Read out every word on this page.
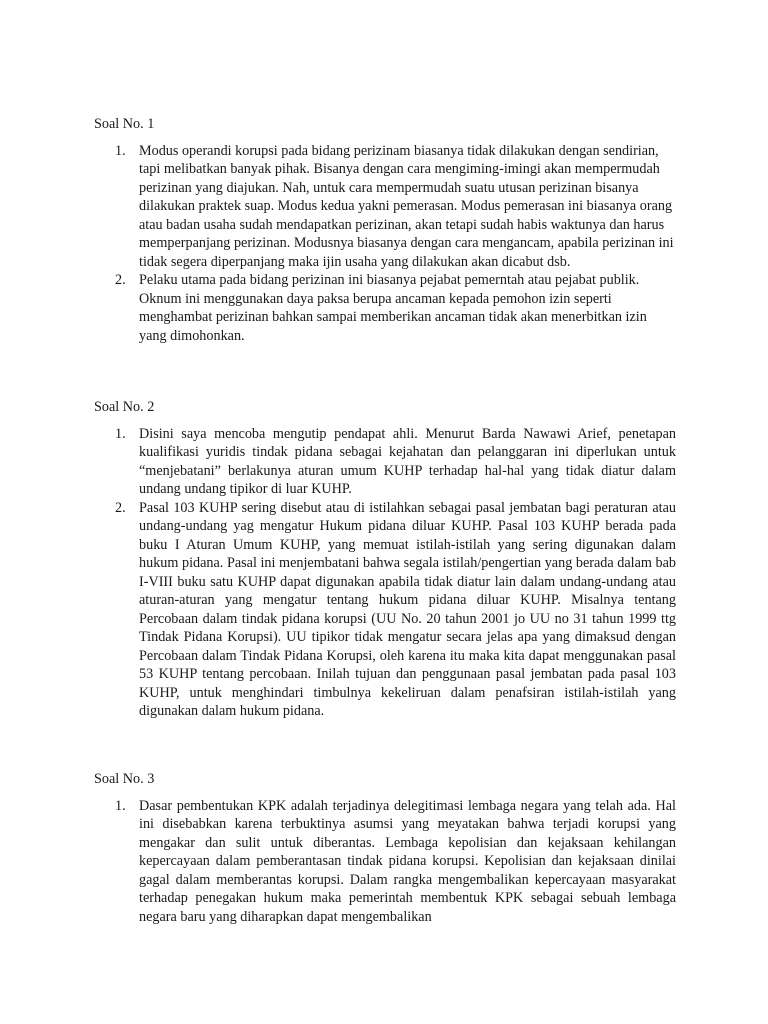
Soal No. 1

1. Modus operandi korupsi pada bidang perizinam biasanya tidak dilakukan dengan sendirian, tapi melibatkan banyak pihak. Bisanya dengan cara mengiming-imingi akan mempermudah perizinan yang diajukan. Nah, untuk cara mempermudah suatu utusan perizinan bisanya dilakukan praktek suap. Modus kedua yakni pemerasan. Modus pemerasan ini biasanya orang atau badan usaha sudah mendapatkan perizinan, akan tetapi sudah habis waktunya dan harus memperpanjang perizinan. Modusnya biasanya dengan cara mengancam, apabila perizinan ini tidak segera diperpanjang maka ijin usaha yang dilakukan akan dicabut dsb.
2. Pelaku utama pada bidang perizinan ini biasanya pejabat pemerntah atau pejabat publik. Oknum ini menggunakan daya paksa berupa ancaman kepada pemohon izin seperti menghambat perizinan bahkan sampai memberikan ancaman tidak akan menerbitkan izin yang dimohonkan.

Soal No. 2

1. Disini saya mencoba mengutip pendapat ahli. Menurut Barda Nawawi Arief, penetapan kualifikasi yuridis tindak pidana sebagai kejahatan dan pelanggaran ini diperlukan untuk “menjebatani” berlakunya aturan umum KUHP terhadap hal-hal yang tidak diatur dalam undang undang tipikor di luar KUHP.
2. Pasal 103 KUHP sering disebut atau di istilahkan sebagai pasal jembatan bagi peraturan atau undang-undang yag mengatur Hukum pidana diluar KUHP. Pasal 103 KUHP berada pada buku I Aturan Umum KUHP, yang memuat istilah-istilah yang sering digunakan dalam hukum pidana. Pasal ini menjembatani bahwa segala istilah/pengertian yang berada dalam bab I-VIII buku satu KUHP dapat digunakan apabila tidak diatur lain dalam undang-undang atau aturan-aturan yang mengatur tentang hukum pidana diluar KUHP. Misalnya tentang Percobaan dalam tindak pidana korupsi (UU No. 20 tahun 2001 jo UU no 31 tahun 1999 ttg Tindak Pidana Korupsi). UU tipikor tidak mengatur secara jelas apa yang dimaksud dengan Percobaan dalam Tindak Pidana Korupsi, oleh karena itu maka kita dapat menggunakan pasal 53 KUHP tentang percobaan. Inilah tujuan dan penggunaan pasal jembatan pada pasal 103 KUHP, untuk menghindari timbulnya kekeliruan dalam penafsiran istilah-istilah yang digunakan dalam hukum pidana.

Soal No. 3

1. Dasar pembentukan KPK adalah terjadinya delegitimasi lembaga negara yang telah ada. Hal ini disebabkan karena terbuktinya asumsi yang meyatakan bahwa terjadi korupsi yang mengakar dan sulit untuk diberantas. Lembaga kepolisian dan kejaksaan kehilangan kepercayaan dalam pemberantasan tindak pidana korupsi. Kepolisian dan kejaksaan dinilai gagal dalam memberantas korupsi. Dalam rangka mengembalikan kepercayaan masyarakat terhadap penegakan hukum maka pemerintah membentuk KPK sebagai sebuah lembaga negara baru yang diharapkan dapat mengembalikan
